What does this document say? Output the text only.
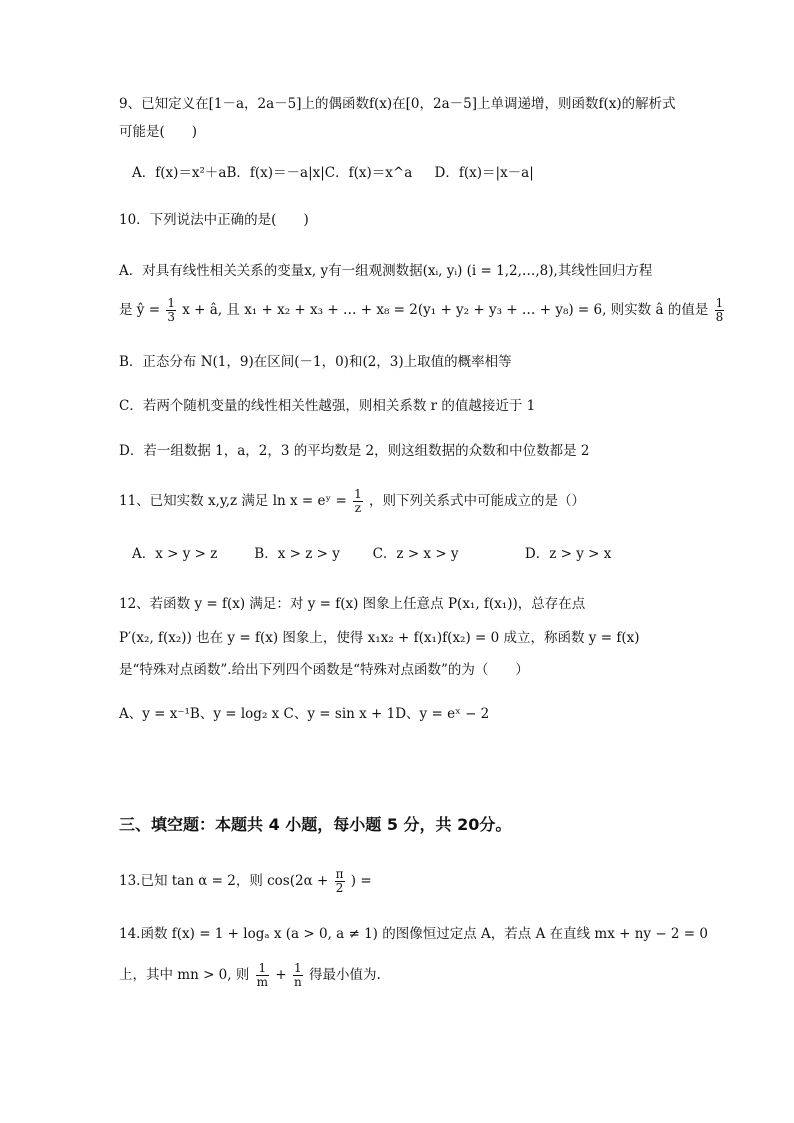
9、已知定义在[1－a，2a－5]上的偶函数f(x)在[0，2a－5]上单调递增，则函数f(x)的解析式
可能是(　　)
A．f(x)＝x²＋aB．f(x)＝－a|x|C．f(x)＝x^a D．f(x)＝|x－a|
10．下列说法中正确的是(　　)
A．对具有线性相关关系的变量x, y有一组观测数据(xᵢ, yᵢ) (i = 1,2,…,8),其线性回归方程
是 ŷ = $\frac{1}{3}$ x + â, 且 x₁ + x₂ + x₃ + … + x₈ = 2(y₁ + y₂ + y₃ + … + y₈) = 6, 则实数 â 的值是 $\frac{1}{8}$
B．正态分布 N(1，9)在区间(－1，0)和(2，3)上取值的概率相等
C．若两个随机变量的线性相关性越强，则相关系数 r 的值越接近于 1
D．若一组数据 1，a，2，3 的平均数是 2，则这组数据的众数和中位数都是 2
11、已知实数 x,y,z 满足 ln x = eʸ = $\frac{1}{z}$ ，则下列关系式中可能成立的是（）
A．x > y > z	B．x > z > y C．z > x > y	D．z > y > x
12、若函数 y = f(x) 满足：对 y = f(x) 图象上任意点 P(x₁, f(x₁))，总存在点
P′(x₂, f(x₂)) 也在 y = f(x) 图象上，使得 x₁x₂ + f(x₁)f(x₂) = 0 成立，称函数 y = f(x)
是“特殊对点函数”.给出下列四个函数是“特殊对点函数”的为（　　）
A、y = x⁻¹B、y = log₂ x C、y = sin x + 1D、y = eˣ − 2
三、填空题：本题共 4 小题，每小题 5 分，共 20分。
13.已知 tan α = 2，则 $\cos(2\alpha + \frac{\pi}{2}$ ) =
14.函数 f(x) = 1 + logₐ x (a > 0, a ≠ 1) 的图像恒过定点 A，若点 A 在直线 mx + ny − 2 = 0
上，其中 mn > 0, 则 $\frac{1}{m} + \frac{1}{n}$ 得最小值为.
